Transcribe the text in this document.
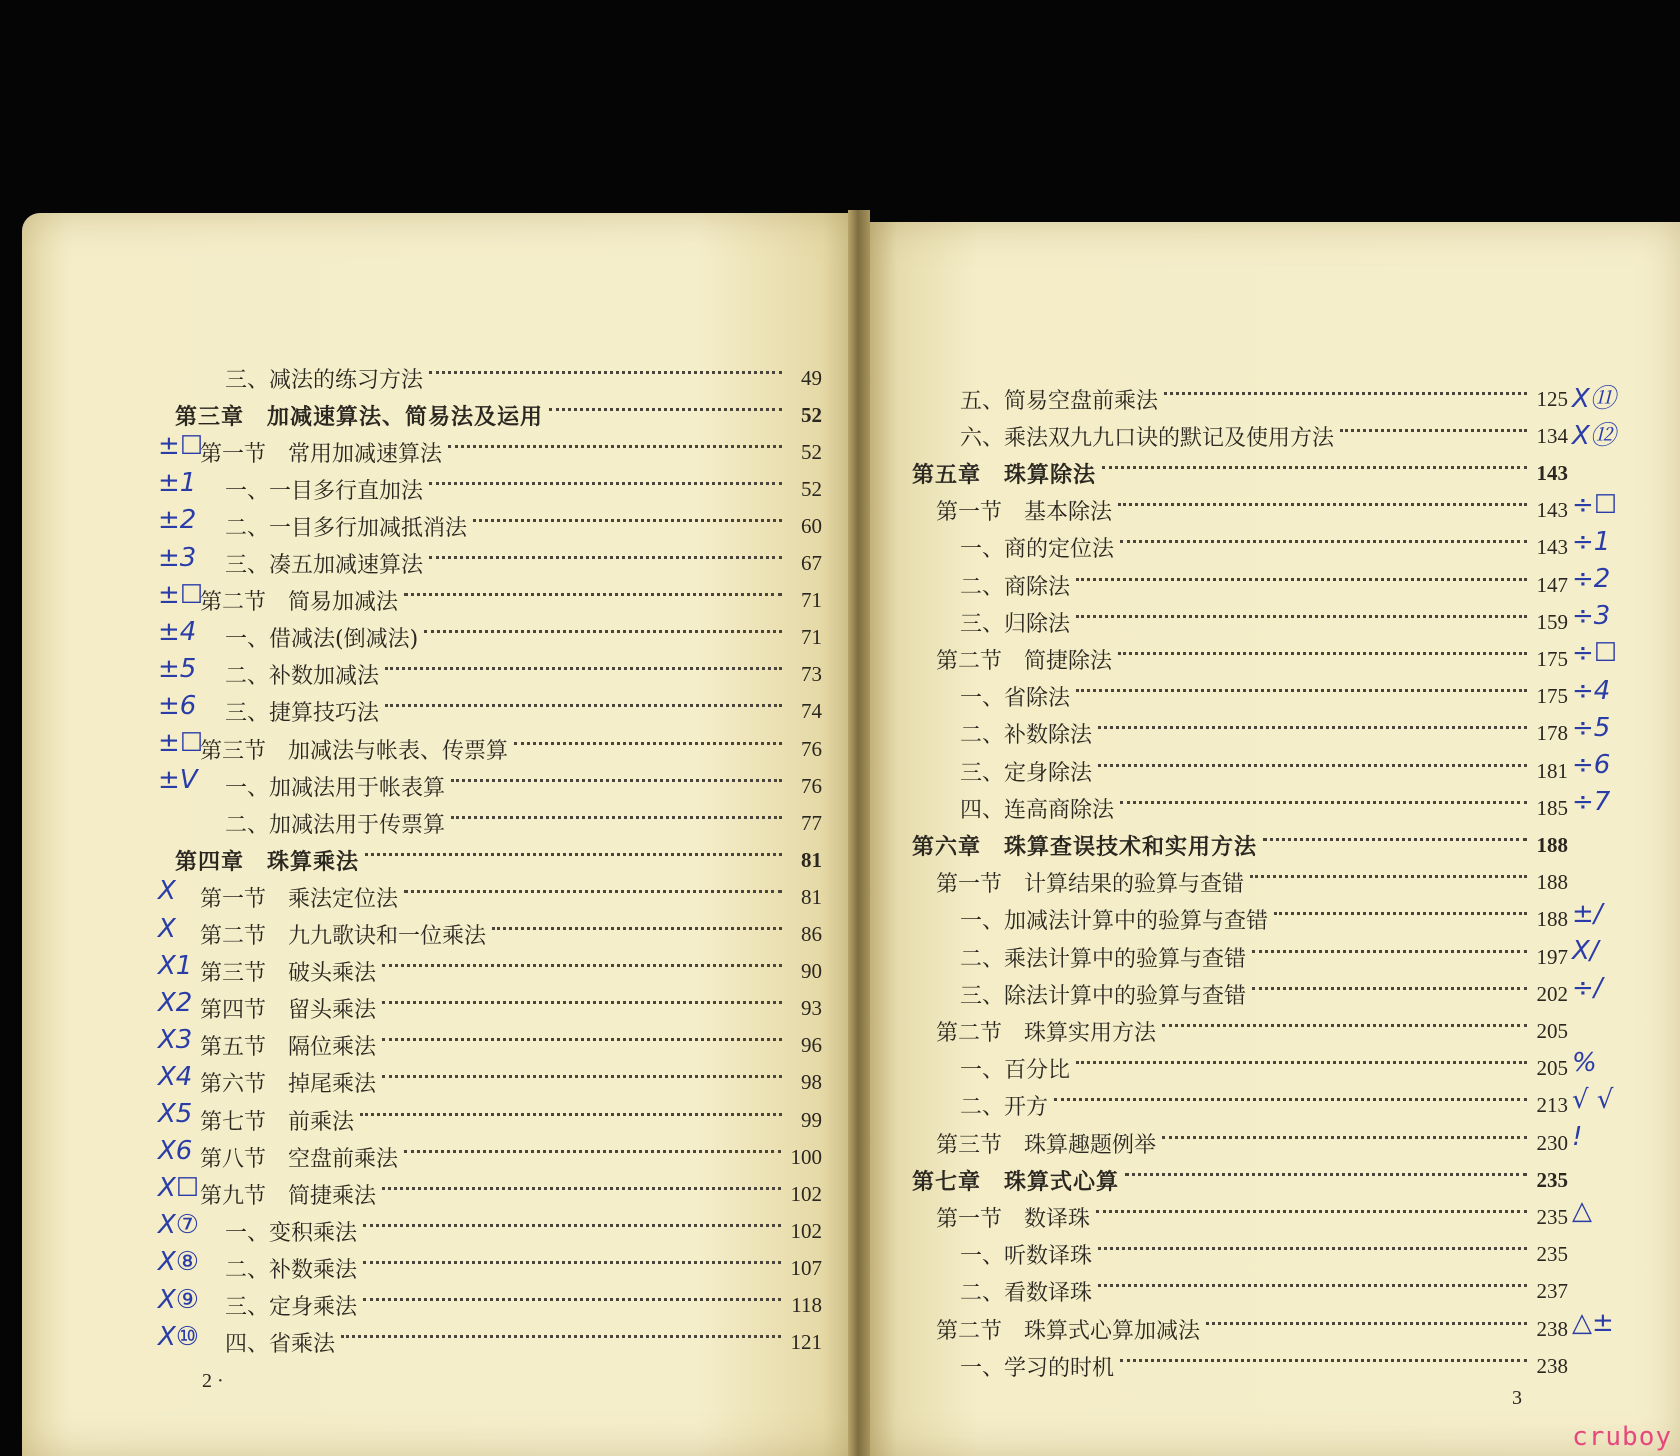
三、减法的练习方法	49
第三章　加减速算法、简易法及运用	52
第一节　常用加减速算法	52
±☐
一、一目多行直加法	52
±1
二、一目多行加减抵消法	60
±2
三、凑五加减速算法	67
±3
第二节　简易加减法	71
±☐
一、借减法(倒减法)	71
±4
二、补数加减法	73
±5
三、捷算技巧法	74
±6
第三节　加减法与帐表、传票算	76
±☐
一、加减法用于帐表算	76
±V
二、加减法用于传票算	77
第四章　珠算乘法	81
第一节　乘法定位法	81
X
第二节　九九歌诀和一位乘法	86
X
第三节　破头乘法	90
X1
第四节　留头乘法	93
X2
第五节　隔位乘法	96
X3
第六节　掉尾乘法	98
X4
第七节　前乘法	99
X5
第八节　空盘前乘法	100
X6
第九节　简捷乘法	102
X☐
一、变积乘法	102
X⑦
二、补数乘法	107
X⑧
三、定身乘法	118
X⑨
四、省乘法	121
X⑩
五、简易空盘前乘法	125 X⑪
六、乘法双九九口诀的默记及使用方法	134 X⑫
第五章　珠算除法	143
第一节　基本除法	143 ÷☐
一、商的定位法	143 ÷1
二、商除法	147 ÷2
三、归除法	159 ÷3
第二节　简捷除法	175 ÷☐
一、省除法	175 ÷4
二、补数除法	178 ÷5
三、定身除法	181 ÷6
四、连高商除法	185 ÷7
第六章　珠算查误技术和实用方法	188
第一节　计算结果的验算与查错	188
一、加减法计算中的验算与查错	188 ±/
二、乘法计算中的验算与查错	197 X/
三、除法计算中的验算与查错	202 ÷/
第二节　珠算实用方法	205
一、百分比	205 %
二、开方	213 √ √
第三节　珠算趣题例举	230 !
第七章　珠算式心算	235
第一节　数译珠	235 △
一、听数译珠	235
二、看数译珠	237
第二节　珠算式心算加减法	238 △±
一、学习的时机	238
2 ·
3
cruboy
